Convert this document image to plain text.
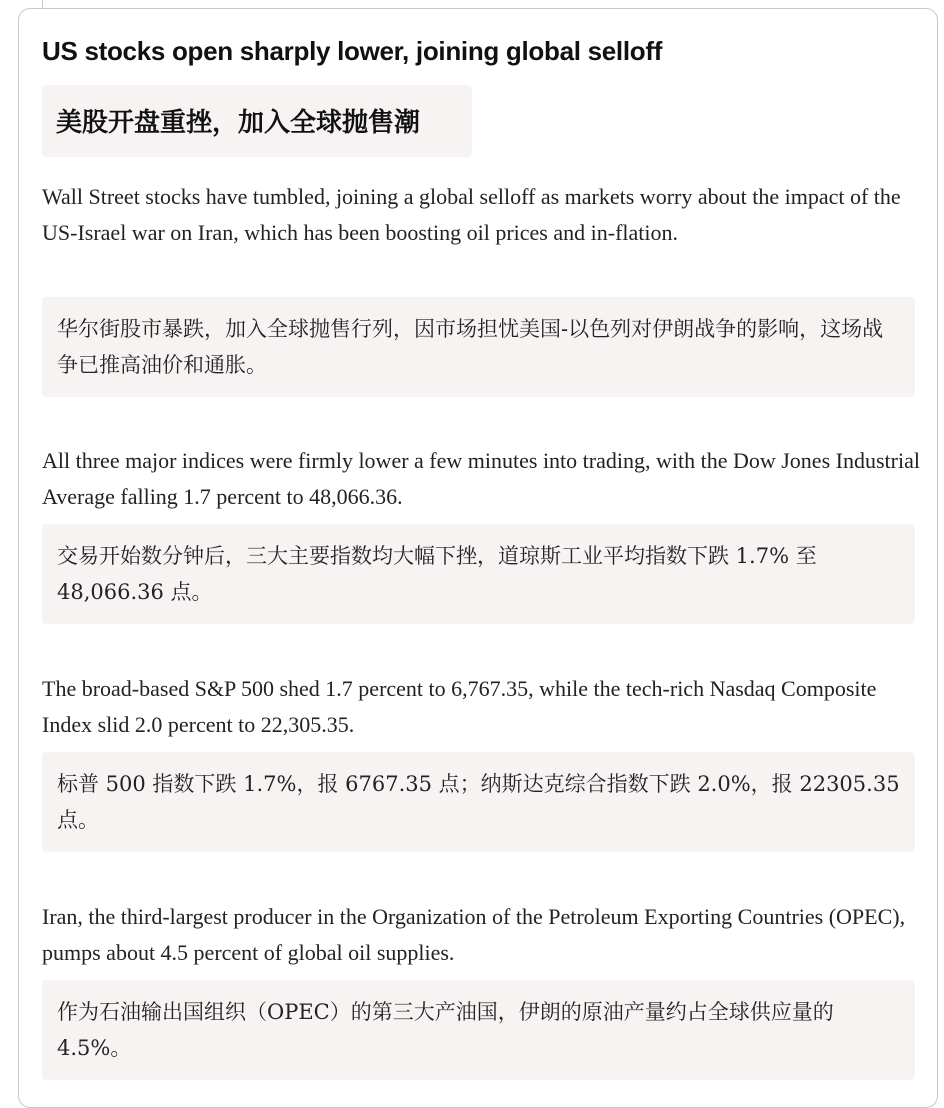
US stocks open sharply lower, joining global selloff
美股开盘重挫，加入全球抛售潮

Wall Street stocks have tumbled, joining a global selloff as markets worry about the impact of the US-Israel war on Iran, which has been boosting oil prices and in-flation.

华尔街股市暴跌，加入全球抛售行列，因市场担忧美国-以色列对伊朗战争的影响，这场战争已推高油价和通胀。

All three major indices were firmly lower a few minutes into trading, with the Dow Jones Industrial Average falling 1.7 percent to 48,066.36.

交易开始数分钟后，三大主要指数均大幅下挫，道琼斯工业平均指数下跌 1.7% 至 48,066.36 点。

The broad-based S&P 500 shed 1.7 percent to 6,767.35, while the tech-rich Nasdaq Composite Index slid 2.0 percent to 22,305.35.

标普 500 指数下跌 1.7%，报 6767.35 点；纳斯达克综合指数下跌 2.0%，报 22305.35 点。

Iran, the third-largest producer in the Organization of the Petroleum Exporting Countries (OPEC), pumps about 4.5 percent of global oil supplies.

作为石油输出国组织（OPEC）的第三大产油国，伊朗的原油产量约占全球供应量的 4.5%。
